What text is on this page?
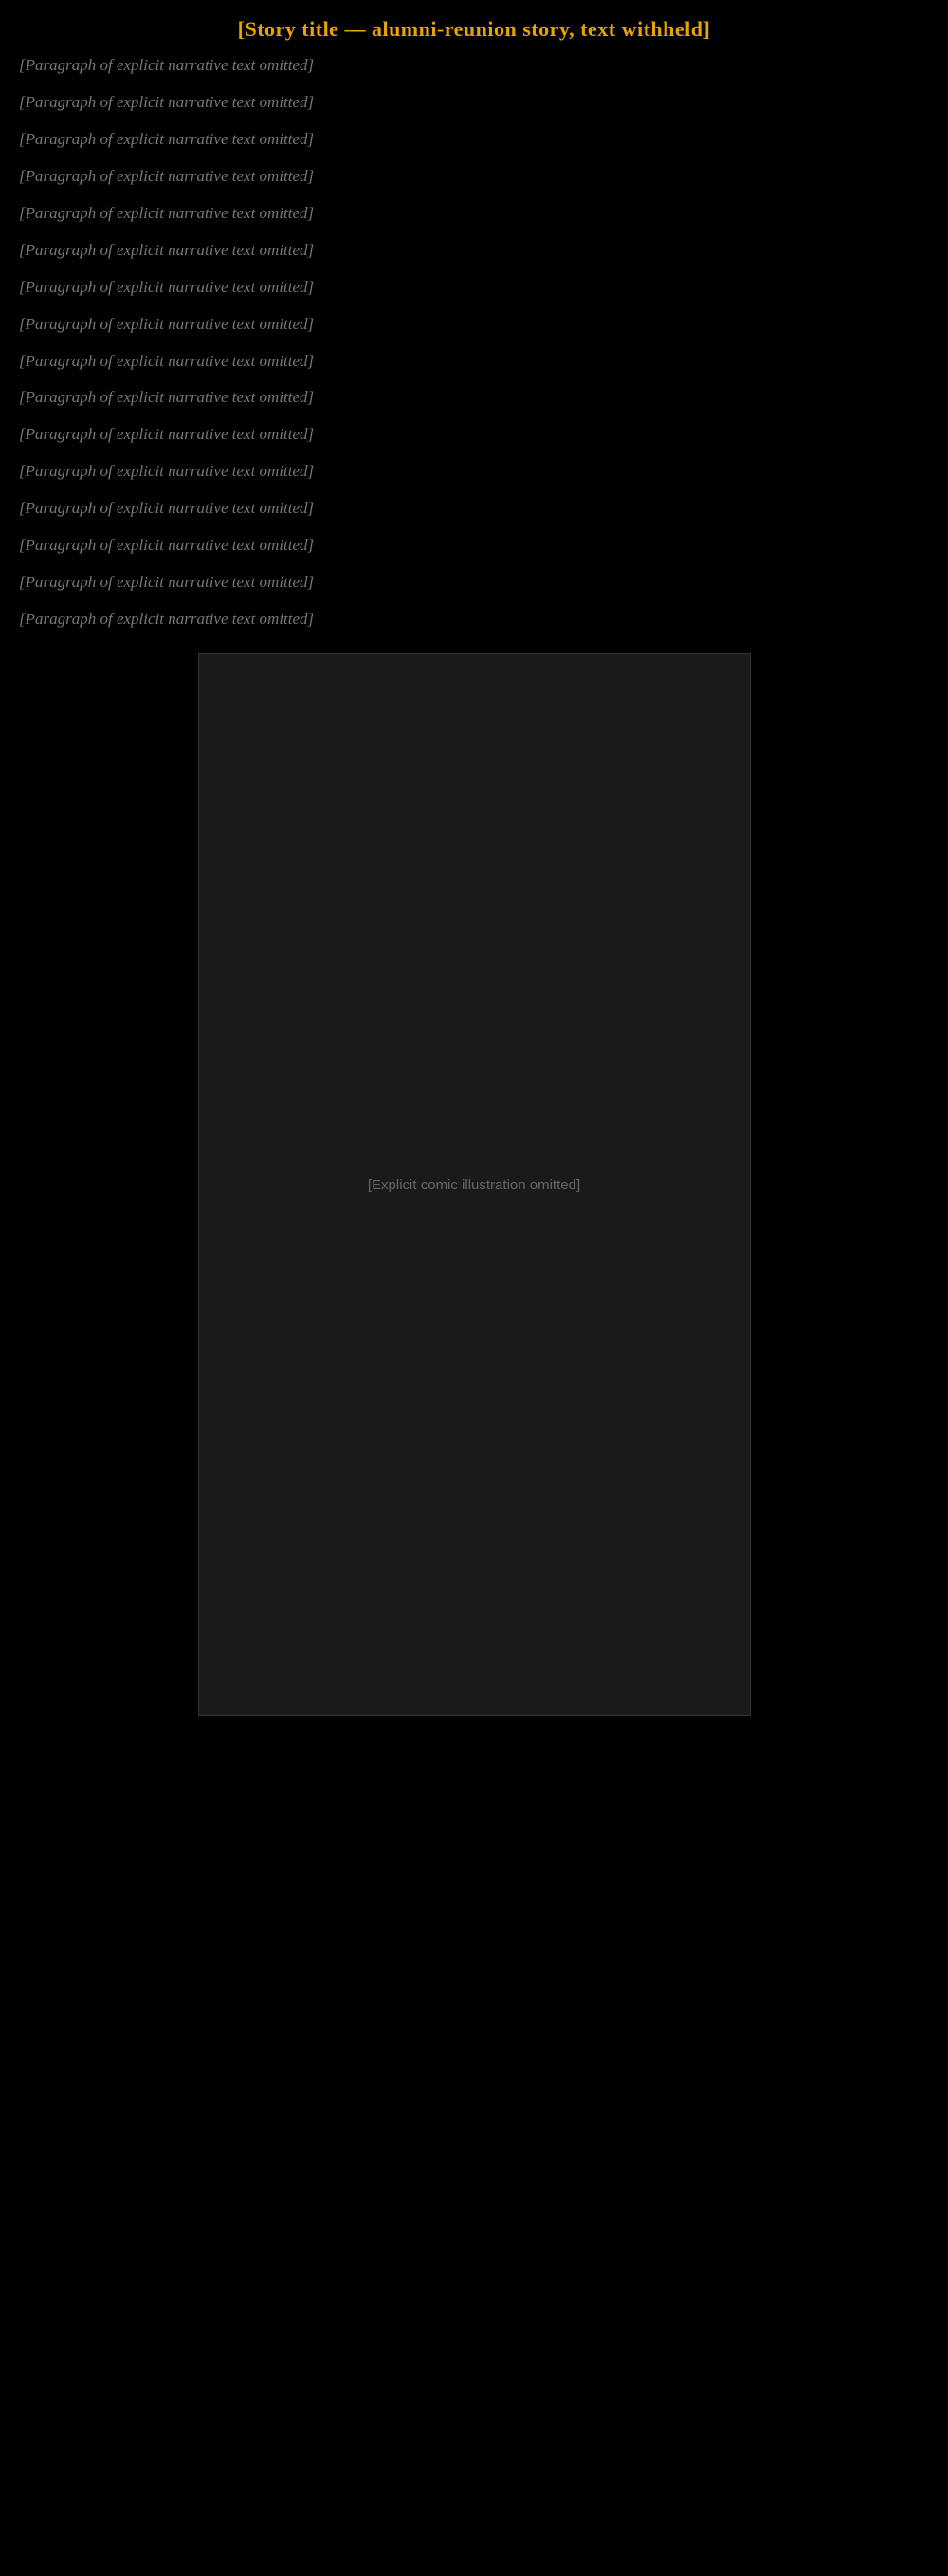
[Story title — alumni-reunion story, text withheld]

[Paragraph of explicit narrative text omitted]

[Paragraph of explicit narrative text omitted]

[Paragraph of explicit narrative text omitted]

[Paragraph of explicit narrative text omitted]

[Paragraph of explicit narrative text omitted]

[Paragraph of explicit narrative text omitted]

[Paragraph of explicit narrative text omitted]

[Paragraph of explicit narrative text omitted]

[Paragraph of explicit narrative text omitted]

[Paragraph of explicit narrative text omitted]

[Paragraph of explicit narrative text omitted]

[Paragraph of explicit narrative text omitted]

[Paragraph of explicit narrative text omitted]

[Paragraph of explicit narrative text omitted]

[Paragraph of explicit narrative text omitted]

[Paragraph of explicit narrative text omitted]

[Explicit comic illustration omitted]
